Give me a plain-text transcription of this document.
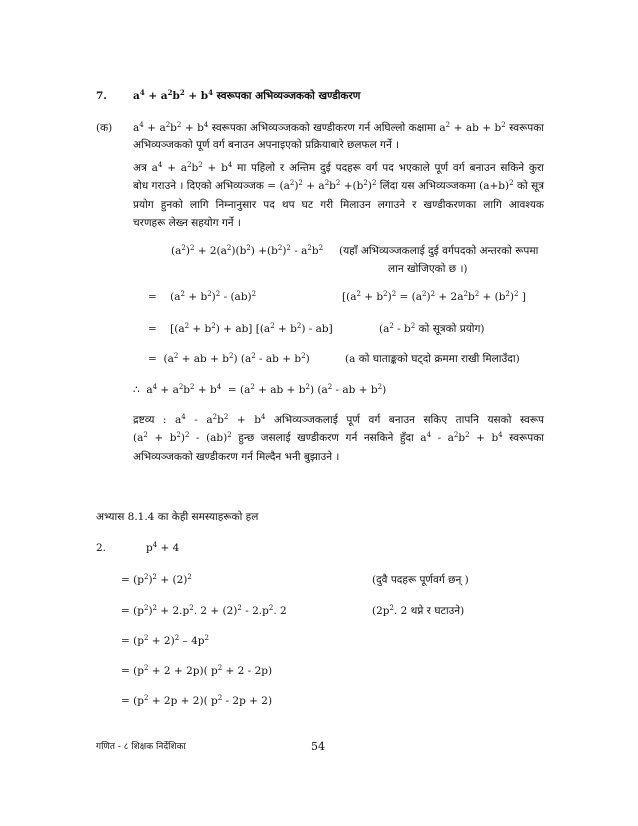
7. $a^4 + a^2b^2 + b^4$ स्वरूपका अभिव्यञ्जकको खण्डीकरण
(क) $a^4 + a^2b^2 + b^4$ स्वरूपका अभिव्यञ्जकको खण्डीकरण गर्न अघिल्लो कक्षामा $a^2$ + ab + $b^2$ स्वरूपका
अभिव्यञ्जकको पूर्ण वर्ग बनाउन अपनाइएको प्रक्रियाबारे छलफल गर्ने ।
अत्र $a^4 + a^2b^2 + b^4$ मा पहिलो र अन्तिम दुई पदहरू वर्ग पद भएकाले पूर्ण वर्ग बनाउन सकिने कुरा
बोध गराउने । दिएको अभिव्यञ्जक = $(a^2)^2 + a^2b^2 +(b^2)^2$ लिंदा यस अभिव्यञ्जकमा $(a+b)^2$ को सूत्र
प्रयोग हुनको लागि निम्नानुसार पद थप घट गरी मिलाउन लगाउने र खण्डीकरणका लागि आवश्यक
चरणहरू लेख्न सहयोग गर्ने ।
$(a^2)^2 + 2(a^2)(b^2) +(b^2)^2 - a^2b^2$ (यहाँ अभिव्यञ्जकलाई दुई वर्गपदको अन्तरको रूपमा
लान खोजिएको छ ।)
=    $(a^2 + b^2)^2 - (ab)^2$	[$(a^2 + b^2)^2 = (a^2)^2 + 2a^2b^2 + (b^2)^2$ ]
=    $[(a^2 + b^2) + ab] [(a^2 + b^2) - ab]$	($a^2 - b^2$ को सूत्रको प्रयोग)
=  ($a^2$ + ab + $b^2$) ($a^2$ - ab + $b^2$)	(a को घाताङ्कको घट्दो क्रममा राखी मिलाउँदा)
∴  $a^4 + a^2b^2 + b^4 = (a^2$ + ab + $b^2$) ($a^2$ - ab + $b^2$)
द्रष्टव्य : $a^4 - a^2b^2 + b^4$ अभिव्यञ्जकलाई पूर्ण वर्ग बनाउन सकिए तापनि यसको स्वरूप
$(a^2 + b^2)^2 - (ab)^2$ हुन्छ जसलाई खण्डीकरण गर्न नसकिने हुँदा $a^4 - a^2b^2 + b^4$ स्वरूपका
अभिव्यञ्जकको खण्डीकरण गर्न मिल्दैन भनी बुझाउने ।
अभ्यास 8.1.4 का केही समस्याहरूको हल
2.	$p^4 + 4$
= $(p^2)^2 + (2)^2$	(दुवै पदहरू पूर्णवर्ग छन् )
= $(p^2)^2 + 2.p^2$. $2 + (2)^2 - 2.p^2$. 2	($2p^2$. 2 थप्ने र घटाउने)
= $(p^2 + 2)^2 - 4p^2$
= $(p^2 + 2 + 2p)$( $p^2 + 2 - 2p$)
= $(p^2 + 2p + 2)$( $p^2 - 2p + 2$)
गणित - ८ शिक्षक निर्देशिका	54
